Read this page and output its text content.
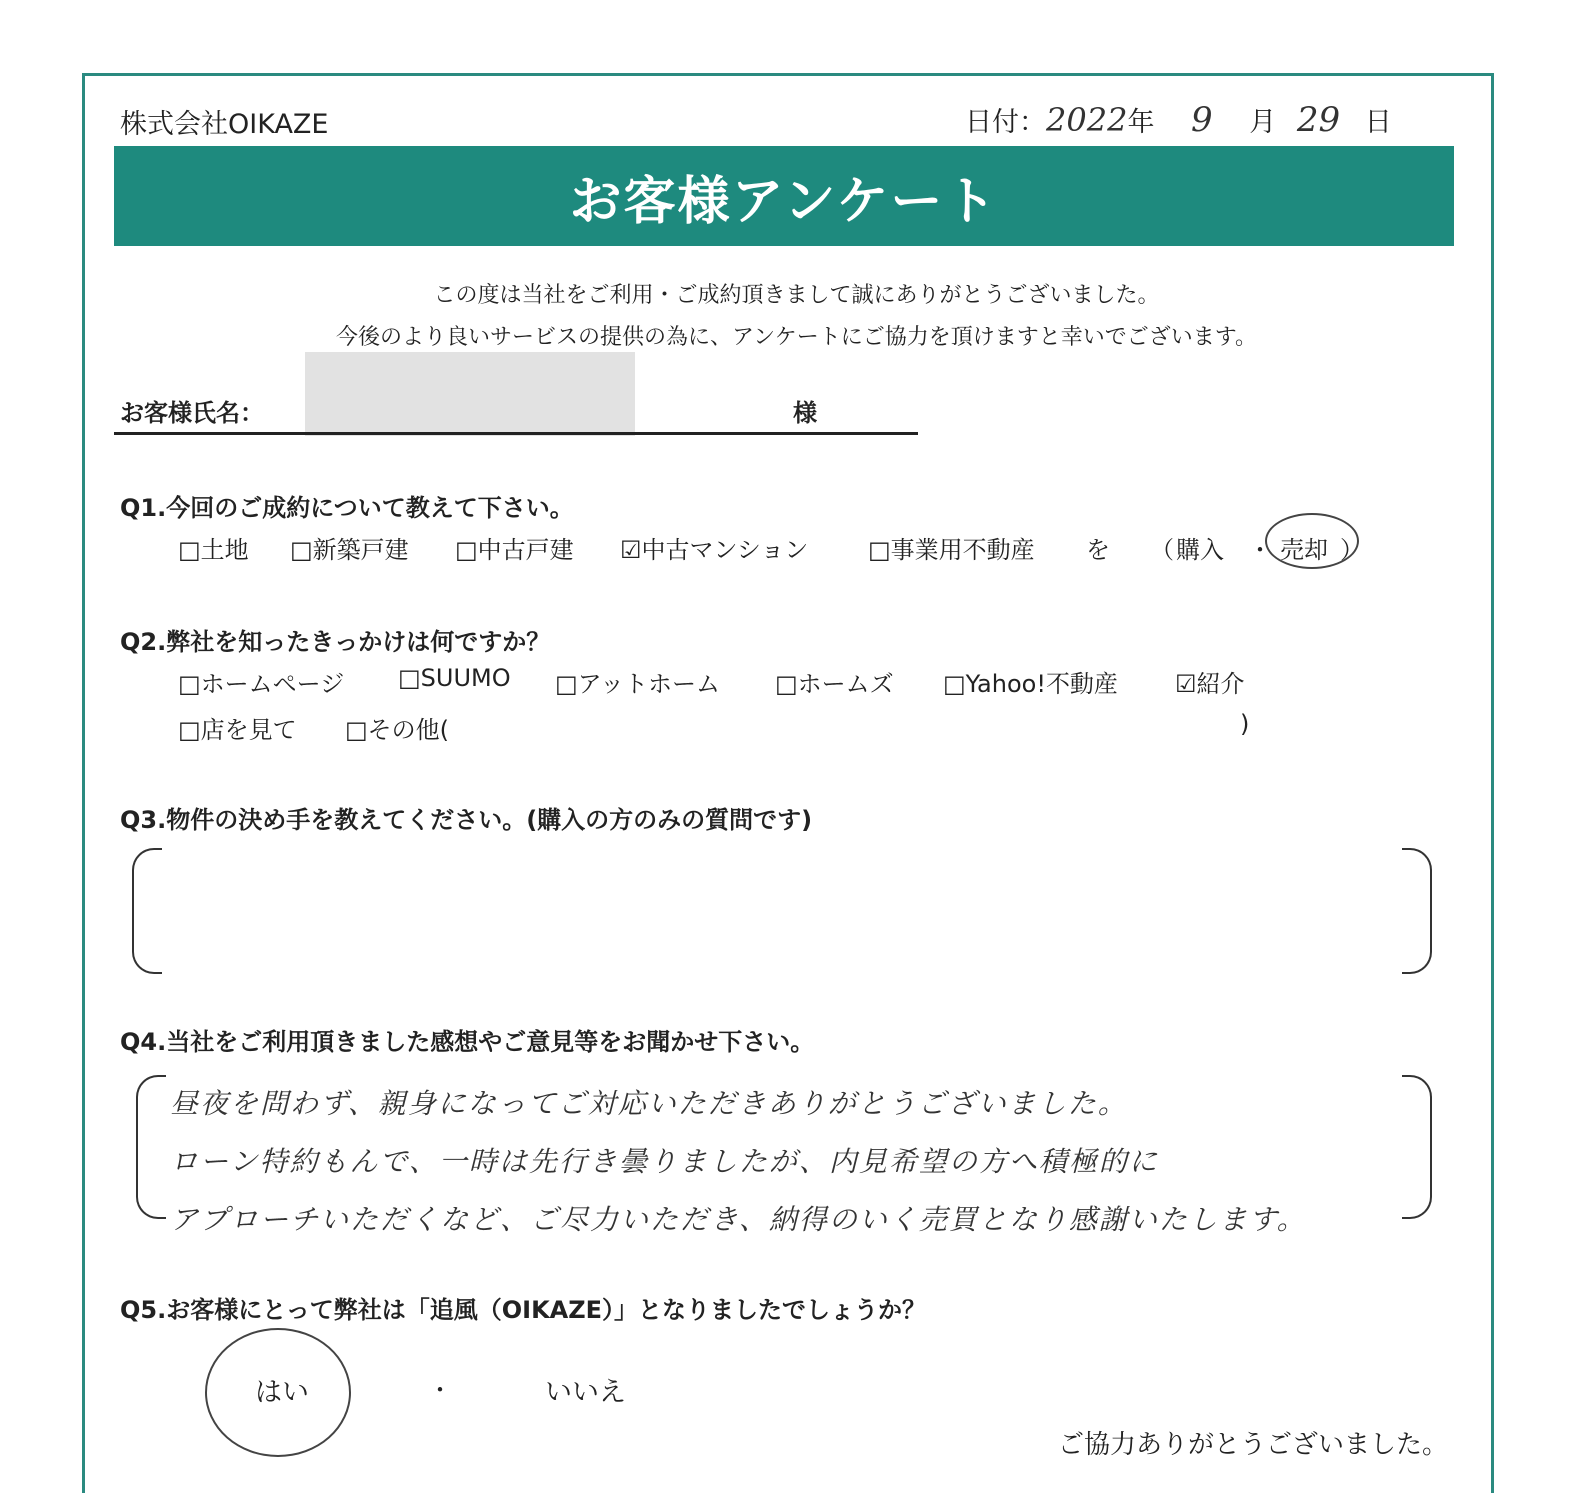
株式会社OIKAZE	日付：2022年 9 月 29 日
お客様アンケート
この度は当社をご利用・ご成約頂きまして誠にありがとうございました。
今後のより良いサービスの提供の為に、アンケートにご協力を頂けますと幸いでございます。
お客様氏名：	様
Q1.今回のご成約について教えて下さい。
□土地 □新築戸建 □中古戸建 ☑中古マンション □事業用不動産 を （ 購入 ・ 売却 ）
Q2.弊社を知ったきっかけは何ですか？
□ホームページ □SUUMO □アットホーム □ホームズ □Yahoo!不動産 ☑紹介
□店を見て □その他(	)
Q3.物件の決め手を教えてください。(購入の方のみの質問です)
Q4.当社をご利用頂きました感想やご意見等をお聞かせ下さい。
昼夜を問わず、親身になってご対応いただきありがとうございました。
ローン特約もんで、一時は先行き曇りましたが、内見希望の方へ積極的に
アプローチいただくなど、ご尽力いただき、納得のいく売買となり感謝いたします。
Q5.お客様にとって弊社は「追風（OIKAZE）」となりましたでしょうか？
はい	・	いいえ
ご協力ありがとうございました。
